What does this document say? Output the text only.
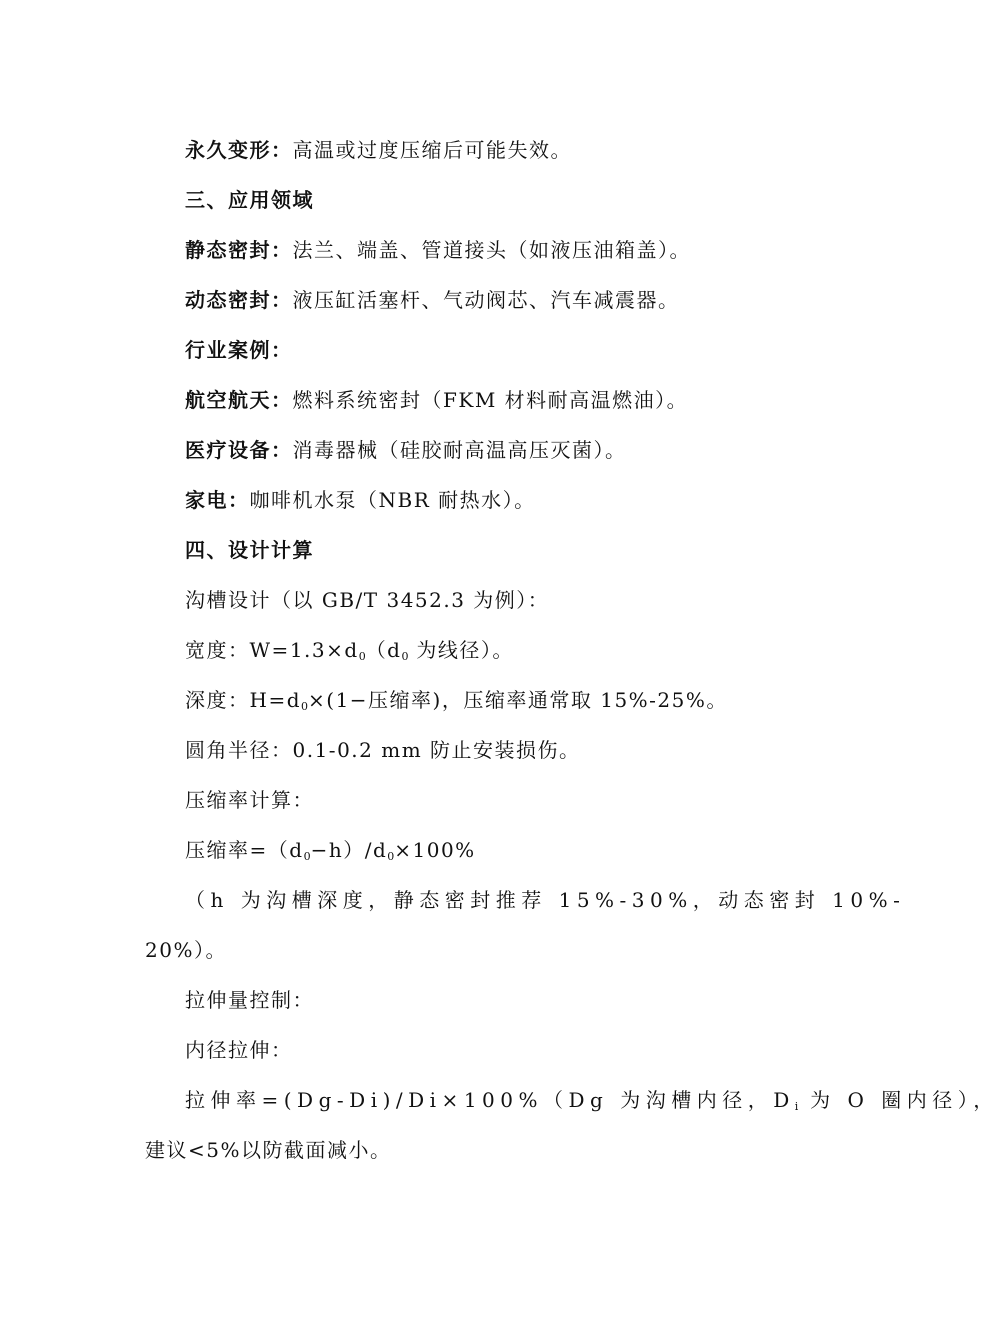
永久变形：高温或过度压缩后可能失效。
三、应用领域
静态密封：法兰、端盖、管道接头（如液压油箱盖）。
动态密封：液压缸活塞杆、气动阀芯、汽车减震器。
行业案例：
航空航天：燃料系统密封（FKM 材料耐高温燃油）。
医疗设备：消毒器械（硅胶耐高温高压灭菌）。
家电：咖啡机水泵（NBR 耐热水）。
四、设计计算
沟槽设计（以 GB/T 3452.3 为例）：
宽度：$W=1.3\times d_0(d_0$ 为线径）。
深度：$H=d_0\times(1-$压缩率)，压缩率通常取 15%-25%。
圆角半径：0.1-0.2 mm 防止安装损伤。
压缩率计算：
压缩率$=(d_0-h)/d_0\times 100\%$
（h 为沟槽深度，静态密封推荐 15%-30%，动态密封 10%-
20%）。
拉伸量控制：
内径拉伸：
拉伸率=(Dg-Di)/Di×100%（Dg 为沟槽内径，$D_i$ 为 O 圈内径），
建议<5%以防截面减小。
